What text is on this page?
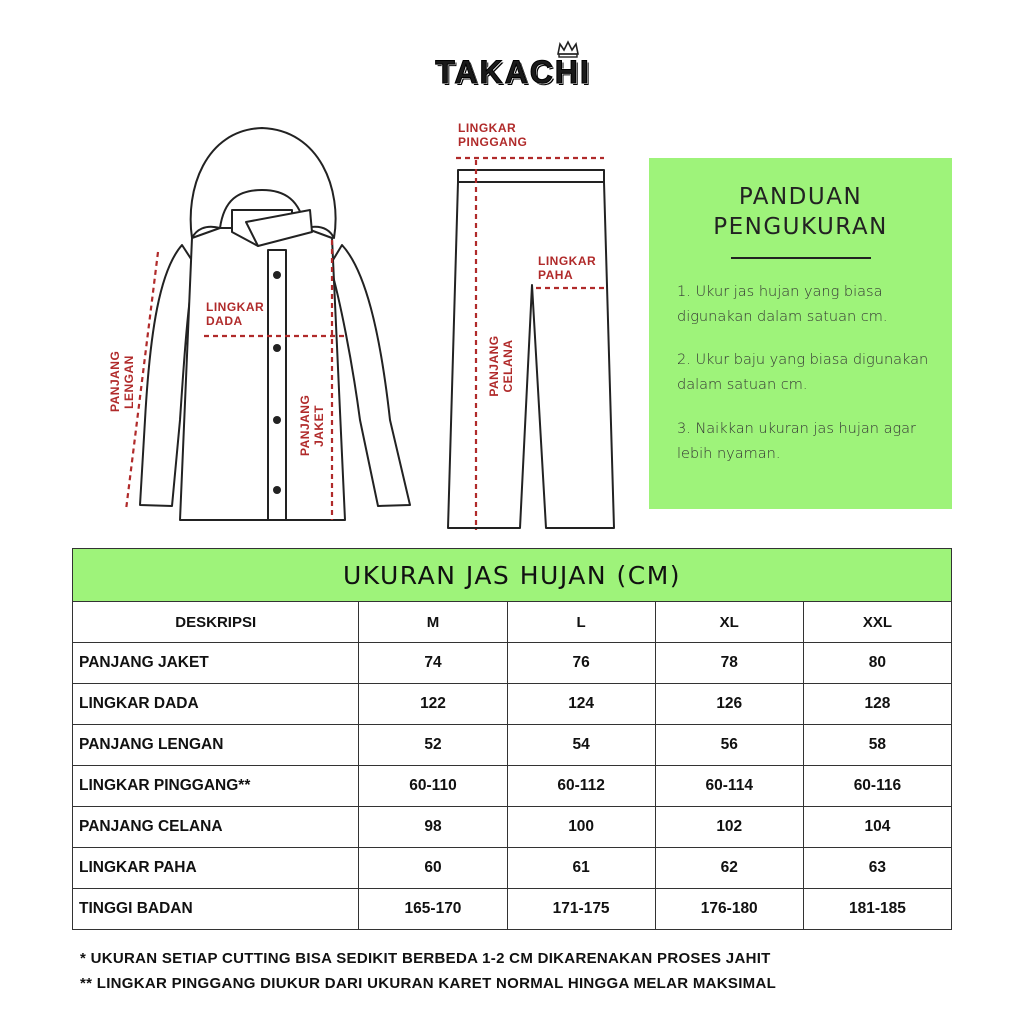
TAKACHI
LINGKAR
DADA
PANJANG LENGAN
PANJANG JAKET
LINGKAR
PINGGANG
LINGKAR
PAHA
PANJANG CELANA
PANDUAN
PENGUKURAN
1. Ukur jas hujan yang biasa digunakan dalam satuan cm.
2. Ukur baju yang biasa digunakan dalam satuan cm.
3. Naikkan ukuran jas hujan agar lebih nyaman.
UKURAN JAS HUJAN (CM)				
DESKRIPSI	M	L	XL	XXL
PANJANG JAKET	74	76	78	80
LINGKAR DADA	122	124	126	128
PANJANG LENGAN	52	54	56	58
LINGKAR PINGGANG**	60-110	60-112	60-114	60-116
PANJANG CELANA	98	100	102	104
LINGKAR PAHA	60	61	62	63
TINGGI BADAN	165-170	171-175	176-180	181-185
* UKURAN SETIAP CUTTING BISA SEDIKIT BERBEDA 1-2 CM DIKARENAKAN PROSES JAHIT
** LINGKAR PINGGANG DIUKUR DARI UKURAN KARET NORMAL HINGGA MELAR MAKSIMAL
